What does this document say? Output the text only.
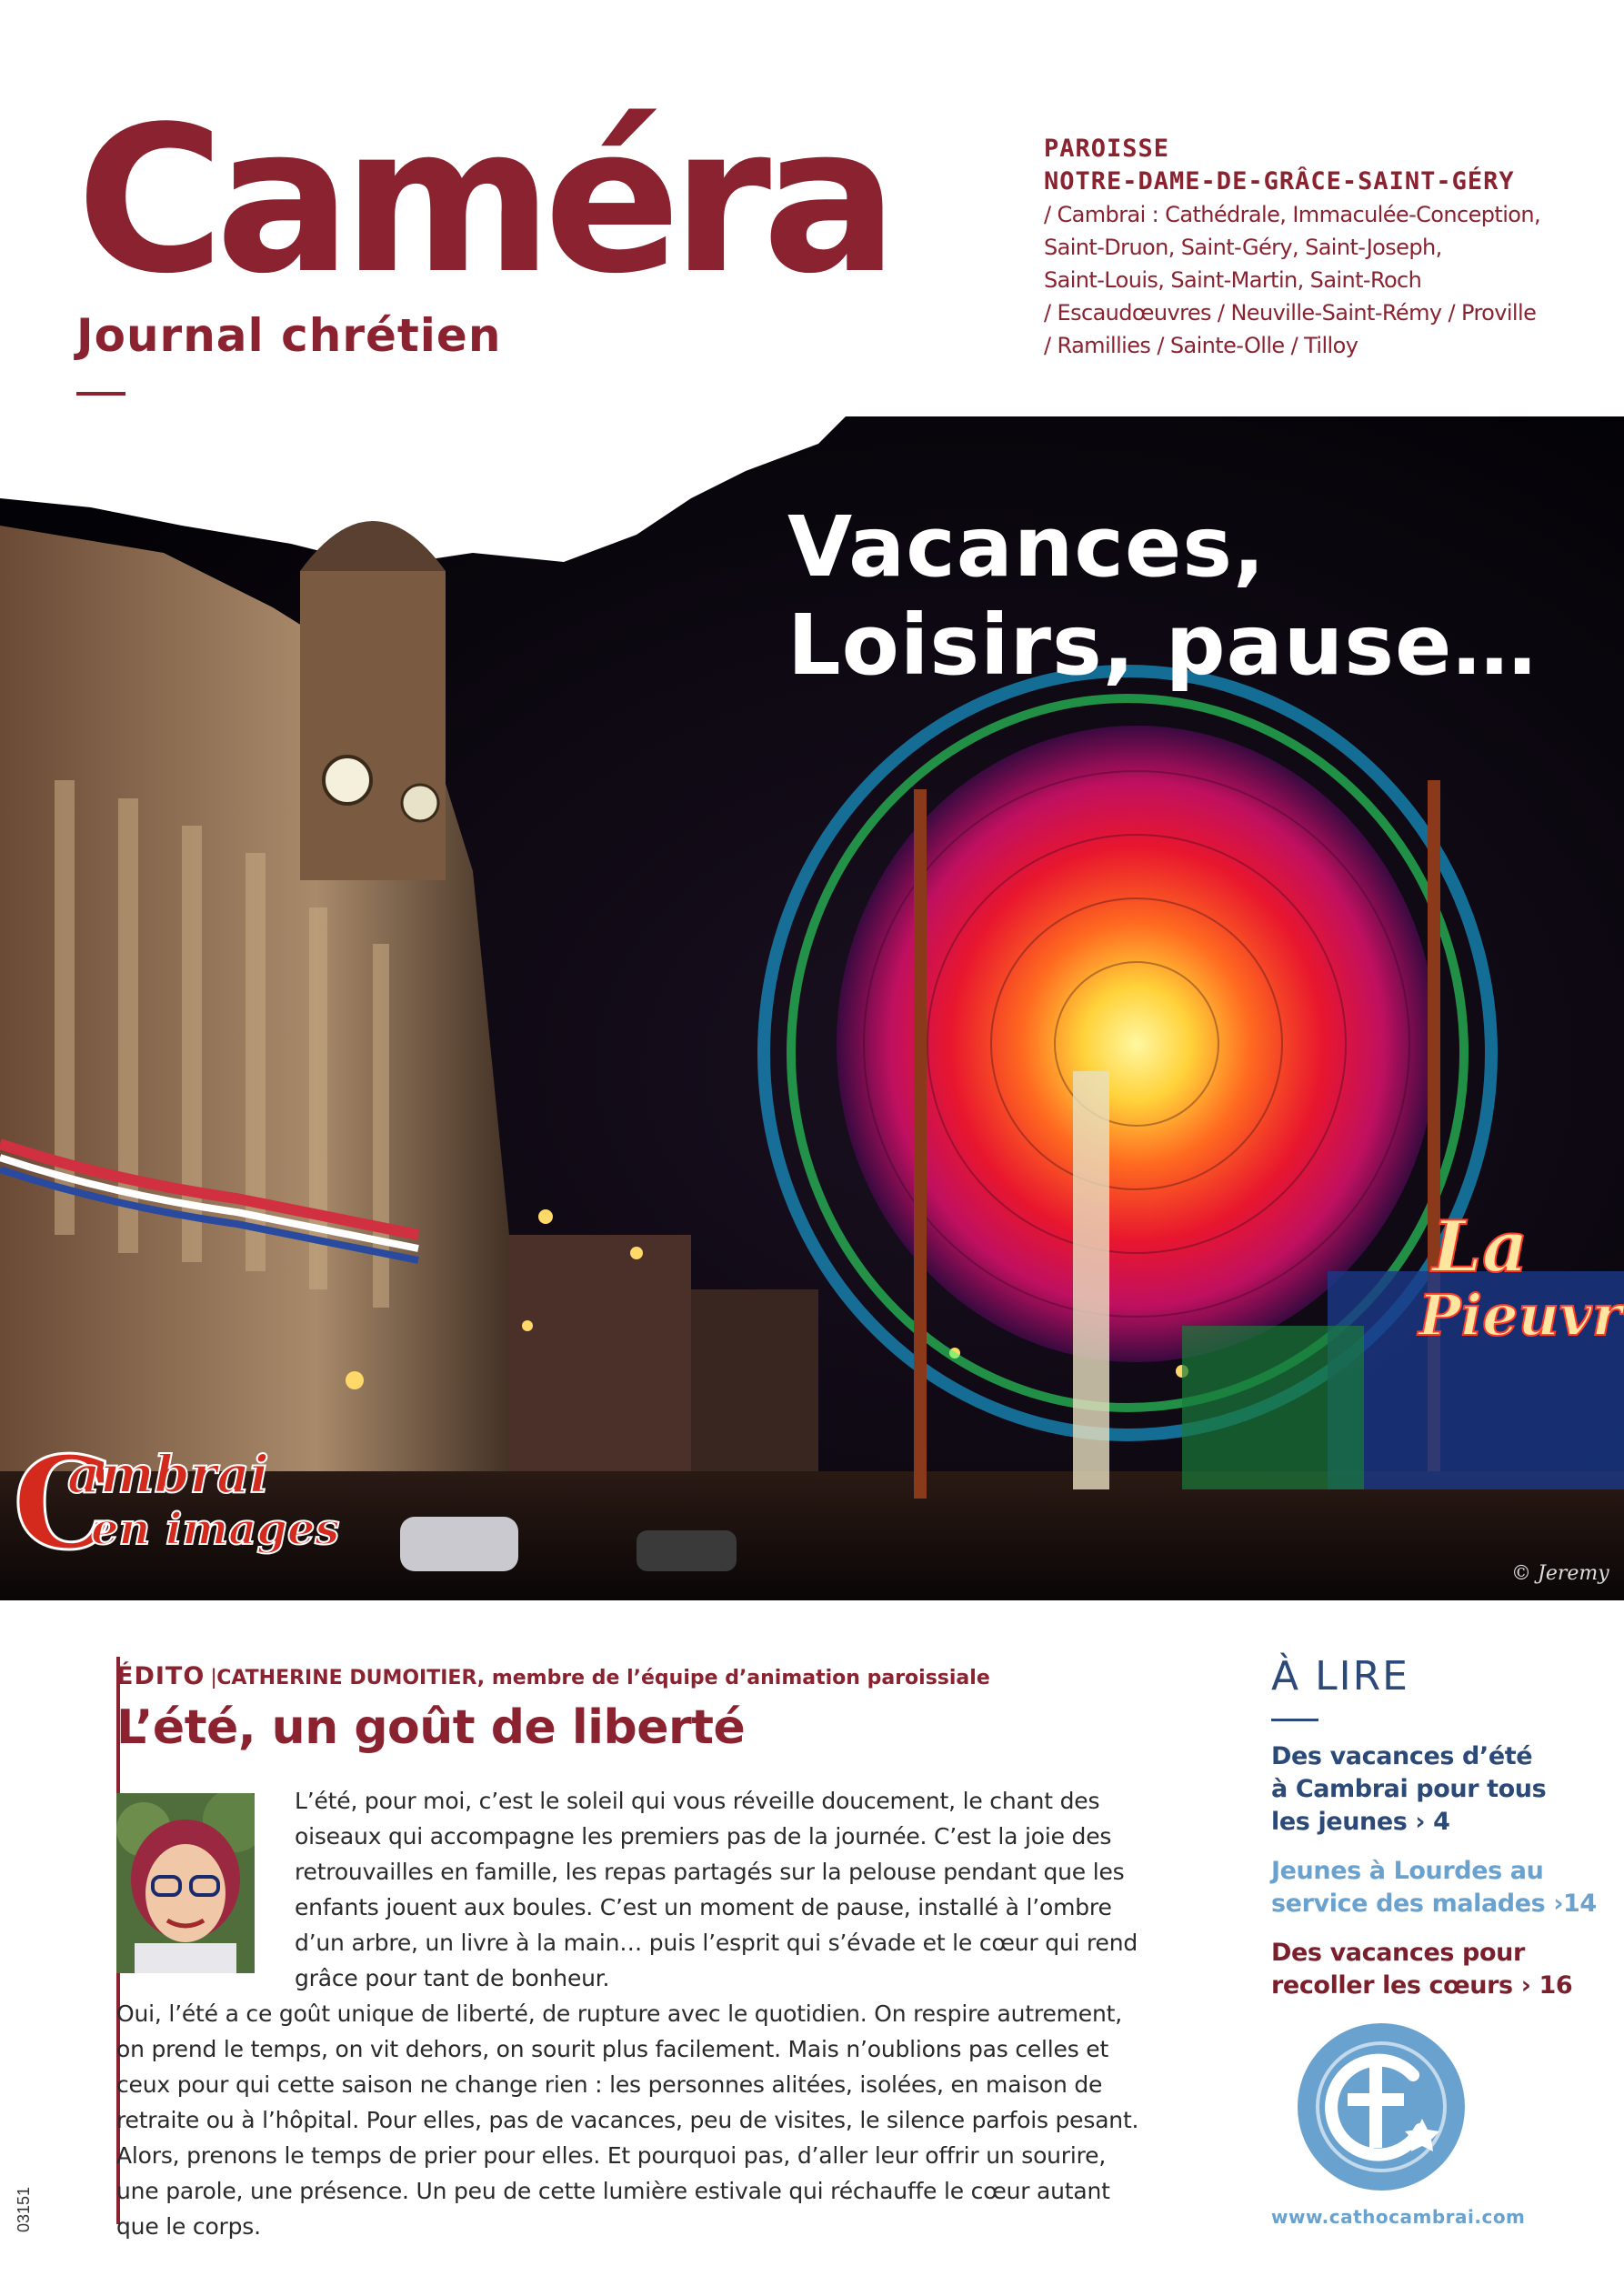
Caméra
Journal chrétien
PAROISSE
NOTRE-DAME-DE-GRÂCE-SAINT-GÉRY
/ Cambrai : Cathédrale, Immaculée-Conception,
Saint-Druon, Saint-Géry, Saint-Joseph,
Saint-Louis, Saint-Martin, Saint-Roch
/ Escaudœuvres / Neuville-Saint-Rémy / Proville
/ Ramillies / Sainte-Olle / Tilloy
La
Pieuvr
Vacances,
Loisirs, pause…
C
ambrai
en images
© Jeremy
ÉDITO |CATHERINE DUMOITIER, membre de l’équipe d’animation paroissiale
L’été, un goût de liberté
L’été, pour moi, c’est le soleil qui vous réveille doucement, le chant des
oiseaux qui accompagne les premiers pas de la journée. C’est la joie des
retrouvailles en famille, les repas partagés sur la pelouse pendant que les
enfants jouent aux boules. C’est un moment de pause, installé à l’ombre
d’un arbre, un livre à la main… puis l’esprit qui s’évade et le cœur qui rend
grâce pour tant de bonheur.
Oui, l’été a ce goût unique de liberté, de rupture avec le quotidien. On respire autrement,
on prend le temps, on vit dehors, on sourit plus facilement. Mais n’oublions pas celles et
ceux pour qui cette saison ne change rien : les personnes alitées, isolées, en maison de
retraite ou à l’hôpital. Pour elles, pas de vacances, peu de visites, le silence parfois pesant.
Alors, prenons le temps de prier pour elles. Et pourquoi pas, d’aller leur offrir un sourire,
une parole, une présence. Un peu de cette lumière estivale qui réchauffe le cœur autant
que le corps.
À LIRE
Des vacances d’été
à Cambrai pour tous
les jeunes › 4
Jeunes à Lourdes au
service des malades ›14
Des vacances pour
recoller les cœurs › 16
www.cathocambrai.com
03151
